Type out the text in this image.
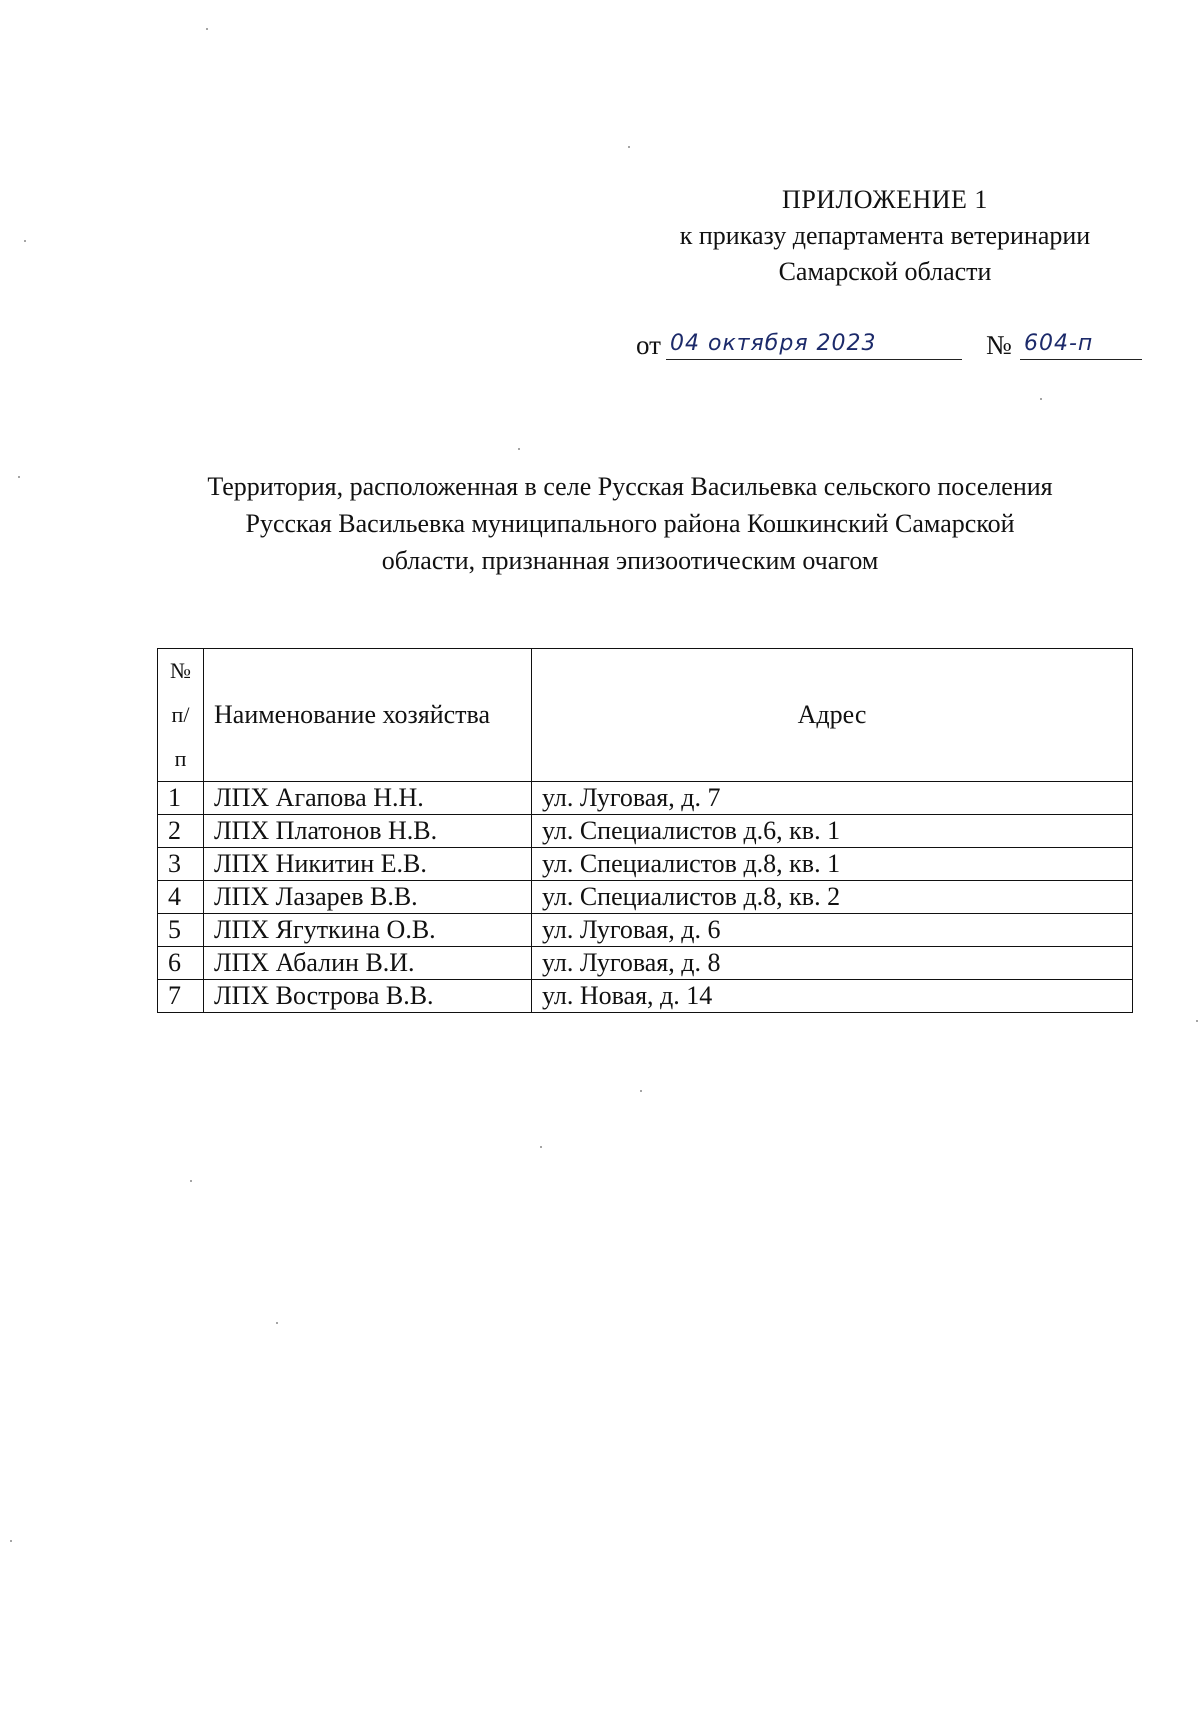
ПРИЛОЖЕНИЕ 1
к приказу департамента ветеринарии
Самарской области
от 04 октября 2023	№ 604-п
Территория, расположенная в селе Русская Васильевка сельского поселения
Русская Васильевка муниципального района Кошкинский Самарской
области, признанная эпизоотическим очагом
№
п/п	Наименование хозяйства	Адрес
1	ЛПХ Агапова Н.Н.	ул. Луговая, д. 7
2	ЛПХ Платонов Н.В.	ул. Специалистов д.6, кв. 1
3	ЛПХ Никитин Е.В.	ул. Специалистов д.8, кв. 1
4	ЛПХ Лазарев В.В.	ул. Специалистов д.8, кв. 2
5	ЛПХ Ягуткина О.В.	ул. Луговая, д. 6
6	ЛПХ Абалин В.И.	ул. Луговая, д. 8
7	ЛПХ Вострова В.В.	ул. Новая, д. 14
